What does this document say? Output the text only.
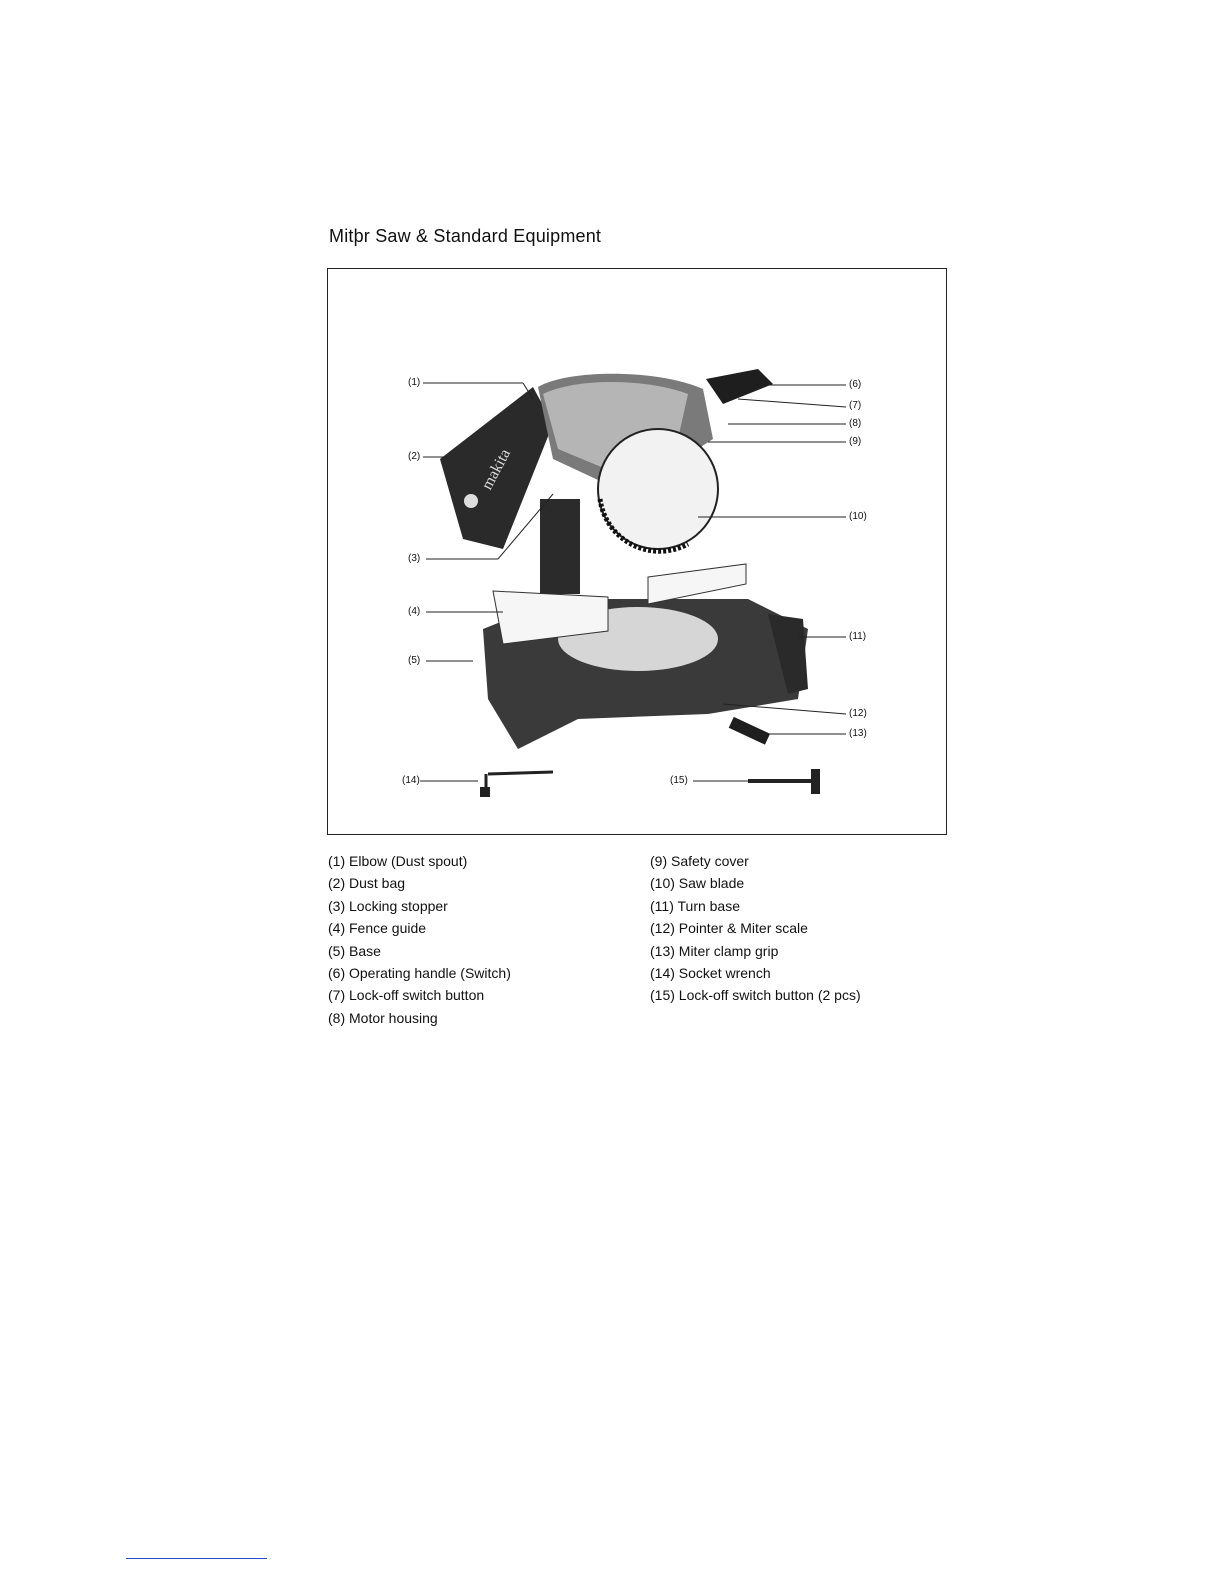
Mitþr Saw & Standard Equipment
makita
(1)
(2)
(3)
(4)
(5)
(6)
(7)
(8)
(9)
(10)
(11)
(12)
(13)
(14)	(15)
(1) Elbow (Dust spout)
(2) Dust bag
(3) Locking stopper
(4) Fence guide
(5) Base
(6) Operating handle (Switch)
(7) Lock-off switch button
(8) Motor housing
(9) Safety cover
(10) Saw blade
(11) Turn base
(12) Pointer & Miter scale
(13) Miter clamp grip
(14) Socket wrench
(15) Lock-off switch button (2 pcs)
